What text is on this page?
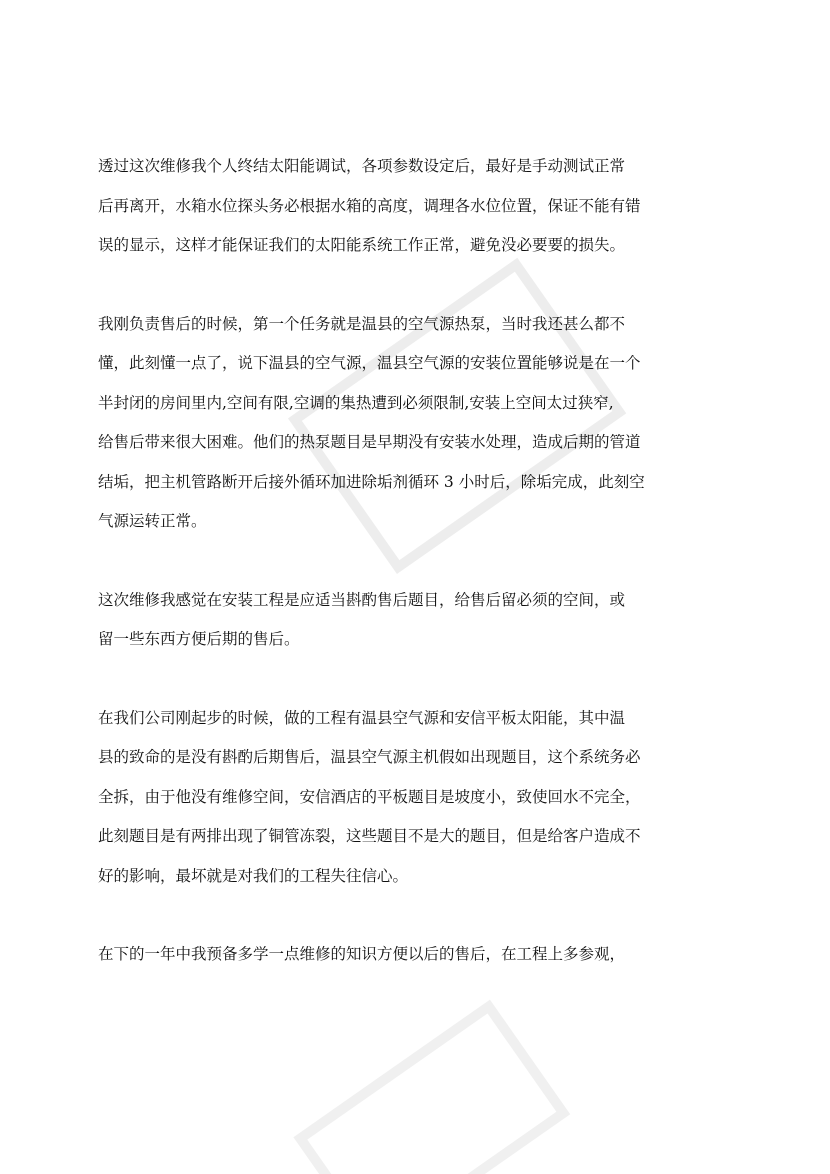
透过这次维修我个人终结太阳能调试，各项参数设定后，最好是手动测试正常
后再离开，水箱水位探头务必根据水箱的高度，调理各水位位置，保证不能有错
误的显示，这样才能保证我们的太阳能系统工作正常，避免没必要要的损失。

我刚负责售后的时候，第一个任务就是温县的空气源热泵，当时我还甚么都不
懂，此刻懂一点了，说下温县的空气源，温县空气源的安装位置能够说是在一个
半封闭的房间里内,空间有限,空调的集热遭到必须限制,安装上空间太过狭窄,
给售后带来很大困难。他们的热泵题目是早期没有安装水处理，造成后期的管道
结垢，把主机管路断开后接外循环加进除垢剂循环 3 小时后，除垢完成，此刻空
气源运转正常。

这次维修我感觉在安装工程是应适当斟酌售后题目，给售后留必须的空间，或
留一些东西方便后期的售后。

在我们公司刚起步的时候，做的工程有温县空气源和安信平板太阳能，其中温
县的致命的是没有斟酌后期售后，温县空气源主机假如出现题目，这个系统务必
全拆，由于他没有维修空间，安信酒店的平板题目是坡度小，致使回水不完全，
此刻题目是有两排出现了铜管冻裂，这些题目不是大的题目，但是给客户造成不
好的影响，最坏就是对我们的工程失往信心。

在下的一年中我预备多学一点维修的知识方便以后的售后，在工程上多参观，
